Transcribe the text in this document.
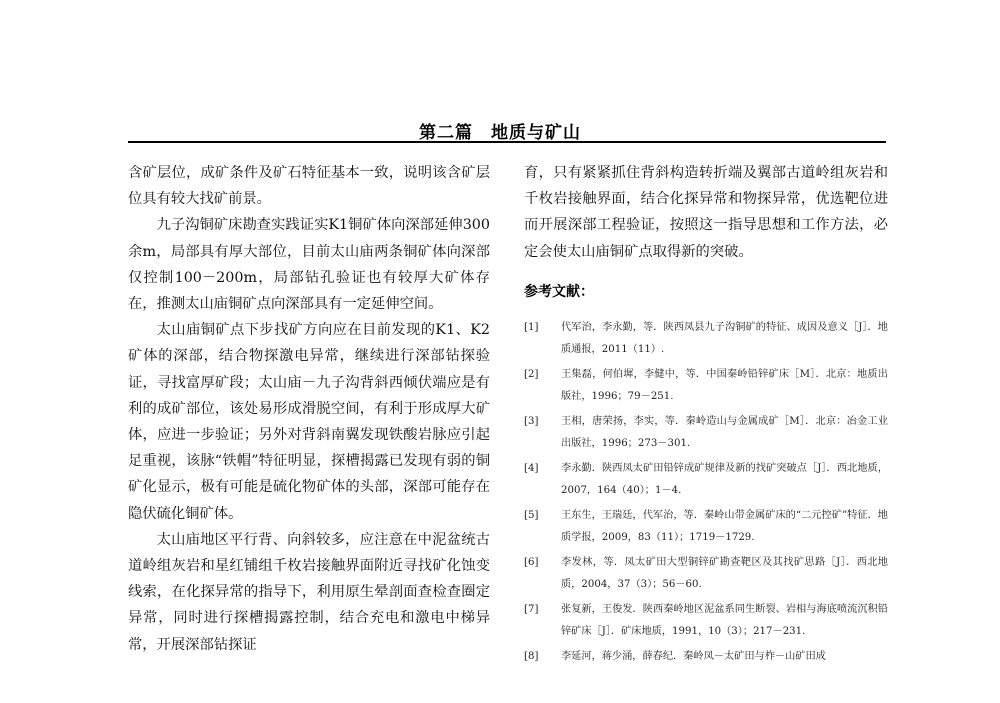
第二篇　地质与矿山

含矿层位，成矿条件及矿石特征基本一致，说明该含矿层位具有较大找矿前景。

九子沟铜矿床勘查实践证实K1铜矿体向深部延伸300余m，局部具有厚大部位，目前太山庙两条铜矿体向深部仅控制100－200m，局部钻孔验证也有较厚大矿体存在，推测太山庙铜矿点向深部具有一定延伸空间。

太山庙铜矿点下步找矿方向应在目前发现的K1、K2矿体的深部，结合物探激电异常，继续进行深部钻探验证，寻找富厚矿段；太山庙－九子沟背斜西倾伏端应是有利的成矿部位，该处易形成滑脱空间，有利于形成厚大矿体，应进一步验证；另外对背斜南翼发现铁酸岩脉应引起足重视，该脉“铁帽”特征明显，探槽揭露已发现有弱的铜矿化显示，极有可能是硫化物矿体的头部，深部可能存在隐伏硫化铜矿体。

太山庙地区平行背、向斜较多，应注意在中泥盆统古道岭组灰岩和星红铺组千枚岩接触界面附近寻找矿化蚀变线索，在化探异常的指导下，利用原生晕剖面查检查圈定异常，同时进行探槽揭露控制，结合充电和激电中梯异常，开展深部钻探证

育，只有紧紧抓住背斜构造转折端及翼部古道岭组灰岩和千枚岩接触界面，结合化探异常和物探异常，优选靶位进而开展深部工程验证，按照这一指导思想和工作方法，必定会使太山庙铜矿点取得新的突破。

参考文献：
[1]	代军治，李永勤，等．陕西凤县九子沟铜矿的特征、成因及意义［J］．地质通报，2011（11）.
[2]	王集磊，何伯墀，李健中，等．中国秦岭铅锌矿床［M］．北京：地质出版社，1996；79－251.
[3]	王相，唐荣扬，李实，等．秦岭造山与金属成矿［M］．北京：冶金工业出版社，1996；273－301.
[4]	李永勤．陕西凤太矿田铅锌成矿规律及新的找矿突破点［J］．西北地质，2007，164（40）；1－4.
[5]	王东生，王瑞廷，代军治，等．秦岭山带金属矿床的“二元控矿”特征．地质学报，2009，83（11）；1719－1729.
[6]	李发林，等．凤太矿田大型铜锌矿勘查靶区及其找矿思路［J］．西北地质，2004，37（3）；56－60.
[7]	张复新，王俊发．陕西秦岭地区泥盆系同生断裂、岩相与海底喷流沉积铅锌矿床［J］．矿床地质，1991，10（3）；217－231.
[8]	李延河，蒋少涌，薛春纪．秦岭凤－太矿田与柞－山矿田成
